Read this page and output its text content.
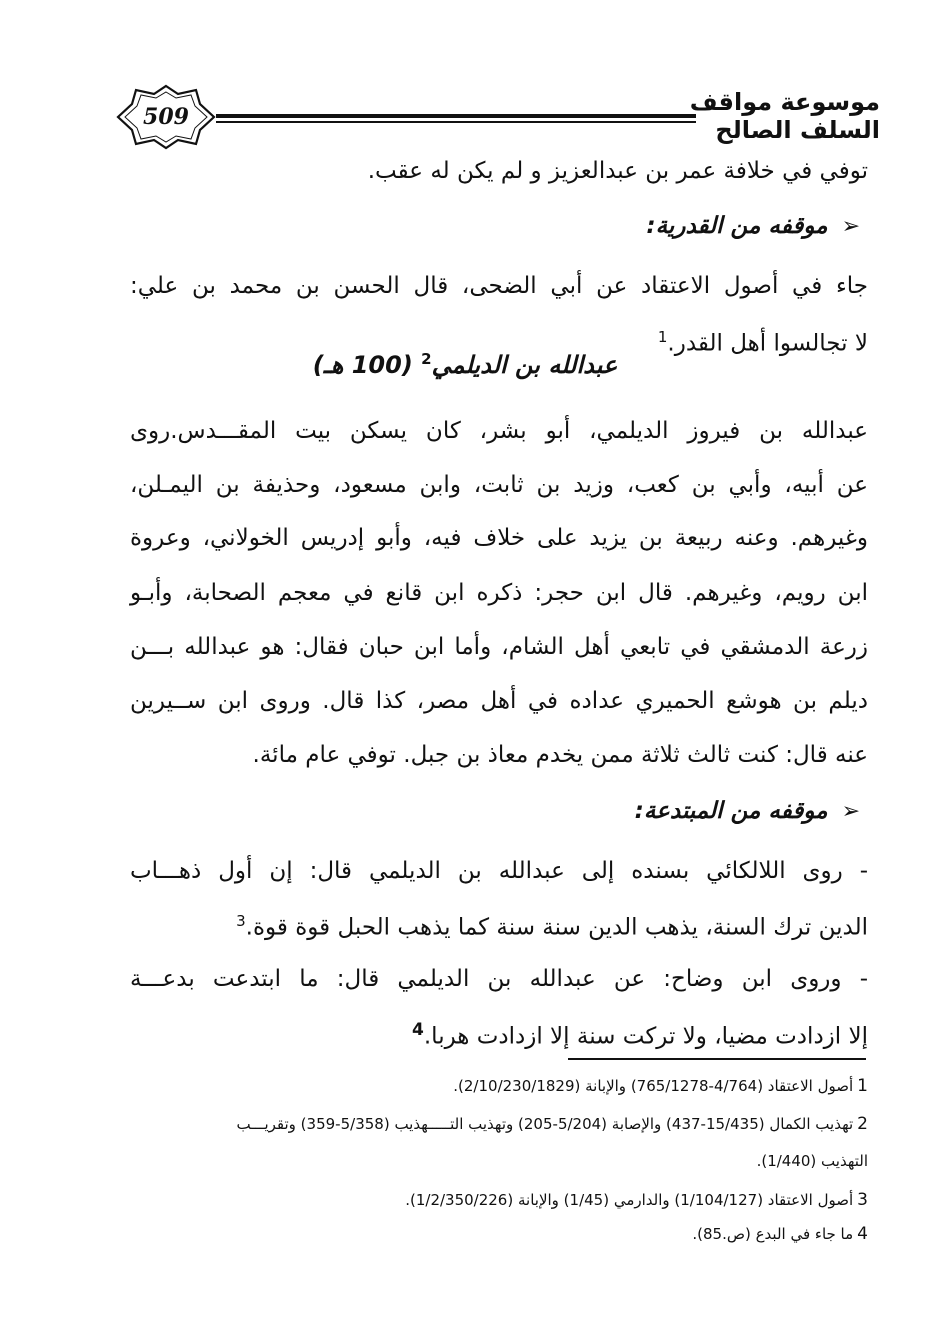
509
موسوعة مواقف السلف الصالح
توفي في خلافة عمر بن عبدالعزيز و لم يكن له عقب.
➢موقفه من القدرية:
جاء في أصول الاعتقاد عن أبي الضحى، قال الحسن بن محمد بن علي:
لا تجالسوا أهل القدر.$^1$
عبدالله بن الديلمي$^2$ (100 هـ)
عبدالله بن فيروز الديلمي، أبو بشر، كان يسكن بيت المقـــدس.روى
عن أبيه، وأبي بن كعب، وزيد بن ثابت، وابن مسعود، وحذيفة بن اليمـلن،
وغيرهم. وعنه ربيعة بن يزيد على خلاف فيه، وأبو إدريس الخولاني، وعروة
ابن رويم، وغيرهم. قال ابن حجر: ذكره ابن قانع في معجم الصحابة، وأبـو
زرعة الدمشقي في تابعي أهل الشام، وأما ابن حبان فقال: هو عبدالله بـــن
ديلم بن هوشع الحميري عداده في أهل مصر، كذا قال. وروى ابن ســيرين
عنه قال: كنت ثالث ثلاثة ممن يخدم معاذ بن جبل. توفي عام مائة.
➢موقفه من المبتدعة:
- روى اللالكائي بسنده إلى عبدالله بن الديلمي قال: إن أول ذهـــاب
الدين ترك السنة، يذهب الدين سنة سنة كما يذهب الحبل قوة قوة.$^3$
- وروى ابن وضاح: عن عبدالله بن الديلمي قال: ما ابتدعت بدعـــة
إلا ازدادت مضيا، ولا تركت سنة إلا ازدادت هربا.$^4$
1أصول الاعتقاد (4/764-765/1278) والإبانة (2/10/230/1829).
2تهذيب الكمال (15/435-437) والإصابة (5/204-205) وتهذيب التـــــهذيب (5/358-359) وتقريـــب
التهذيب (1/440).
3أصول الاعتقاد (1/104/127) والدارمي (1/45) والإبانة (1/2/350/226).
4ما جاء في البدع (ص.85).
